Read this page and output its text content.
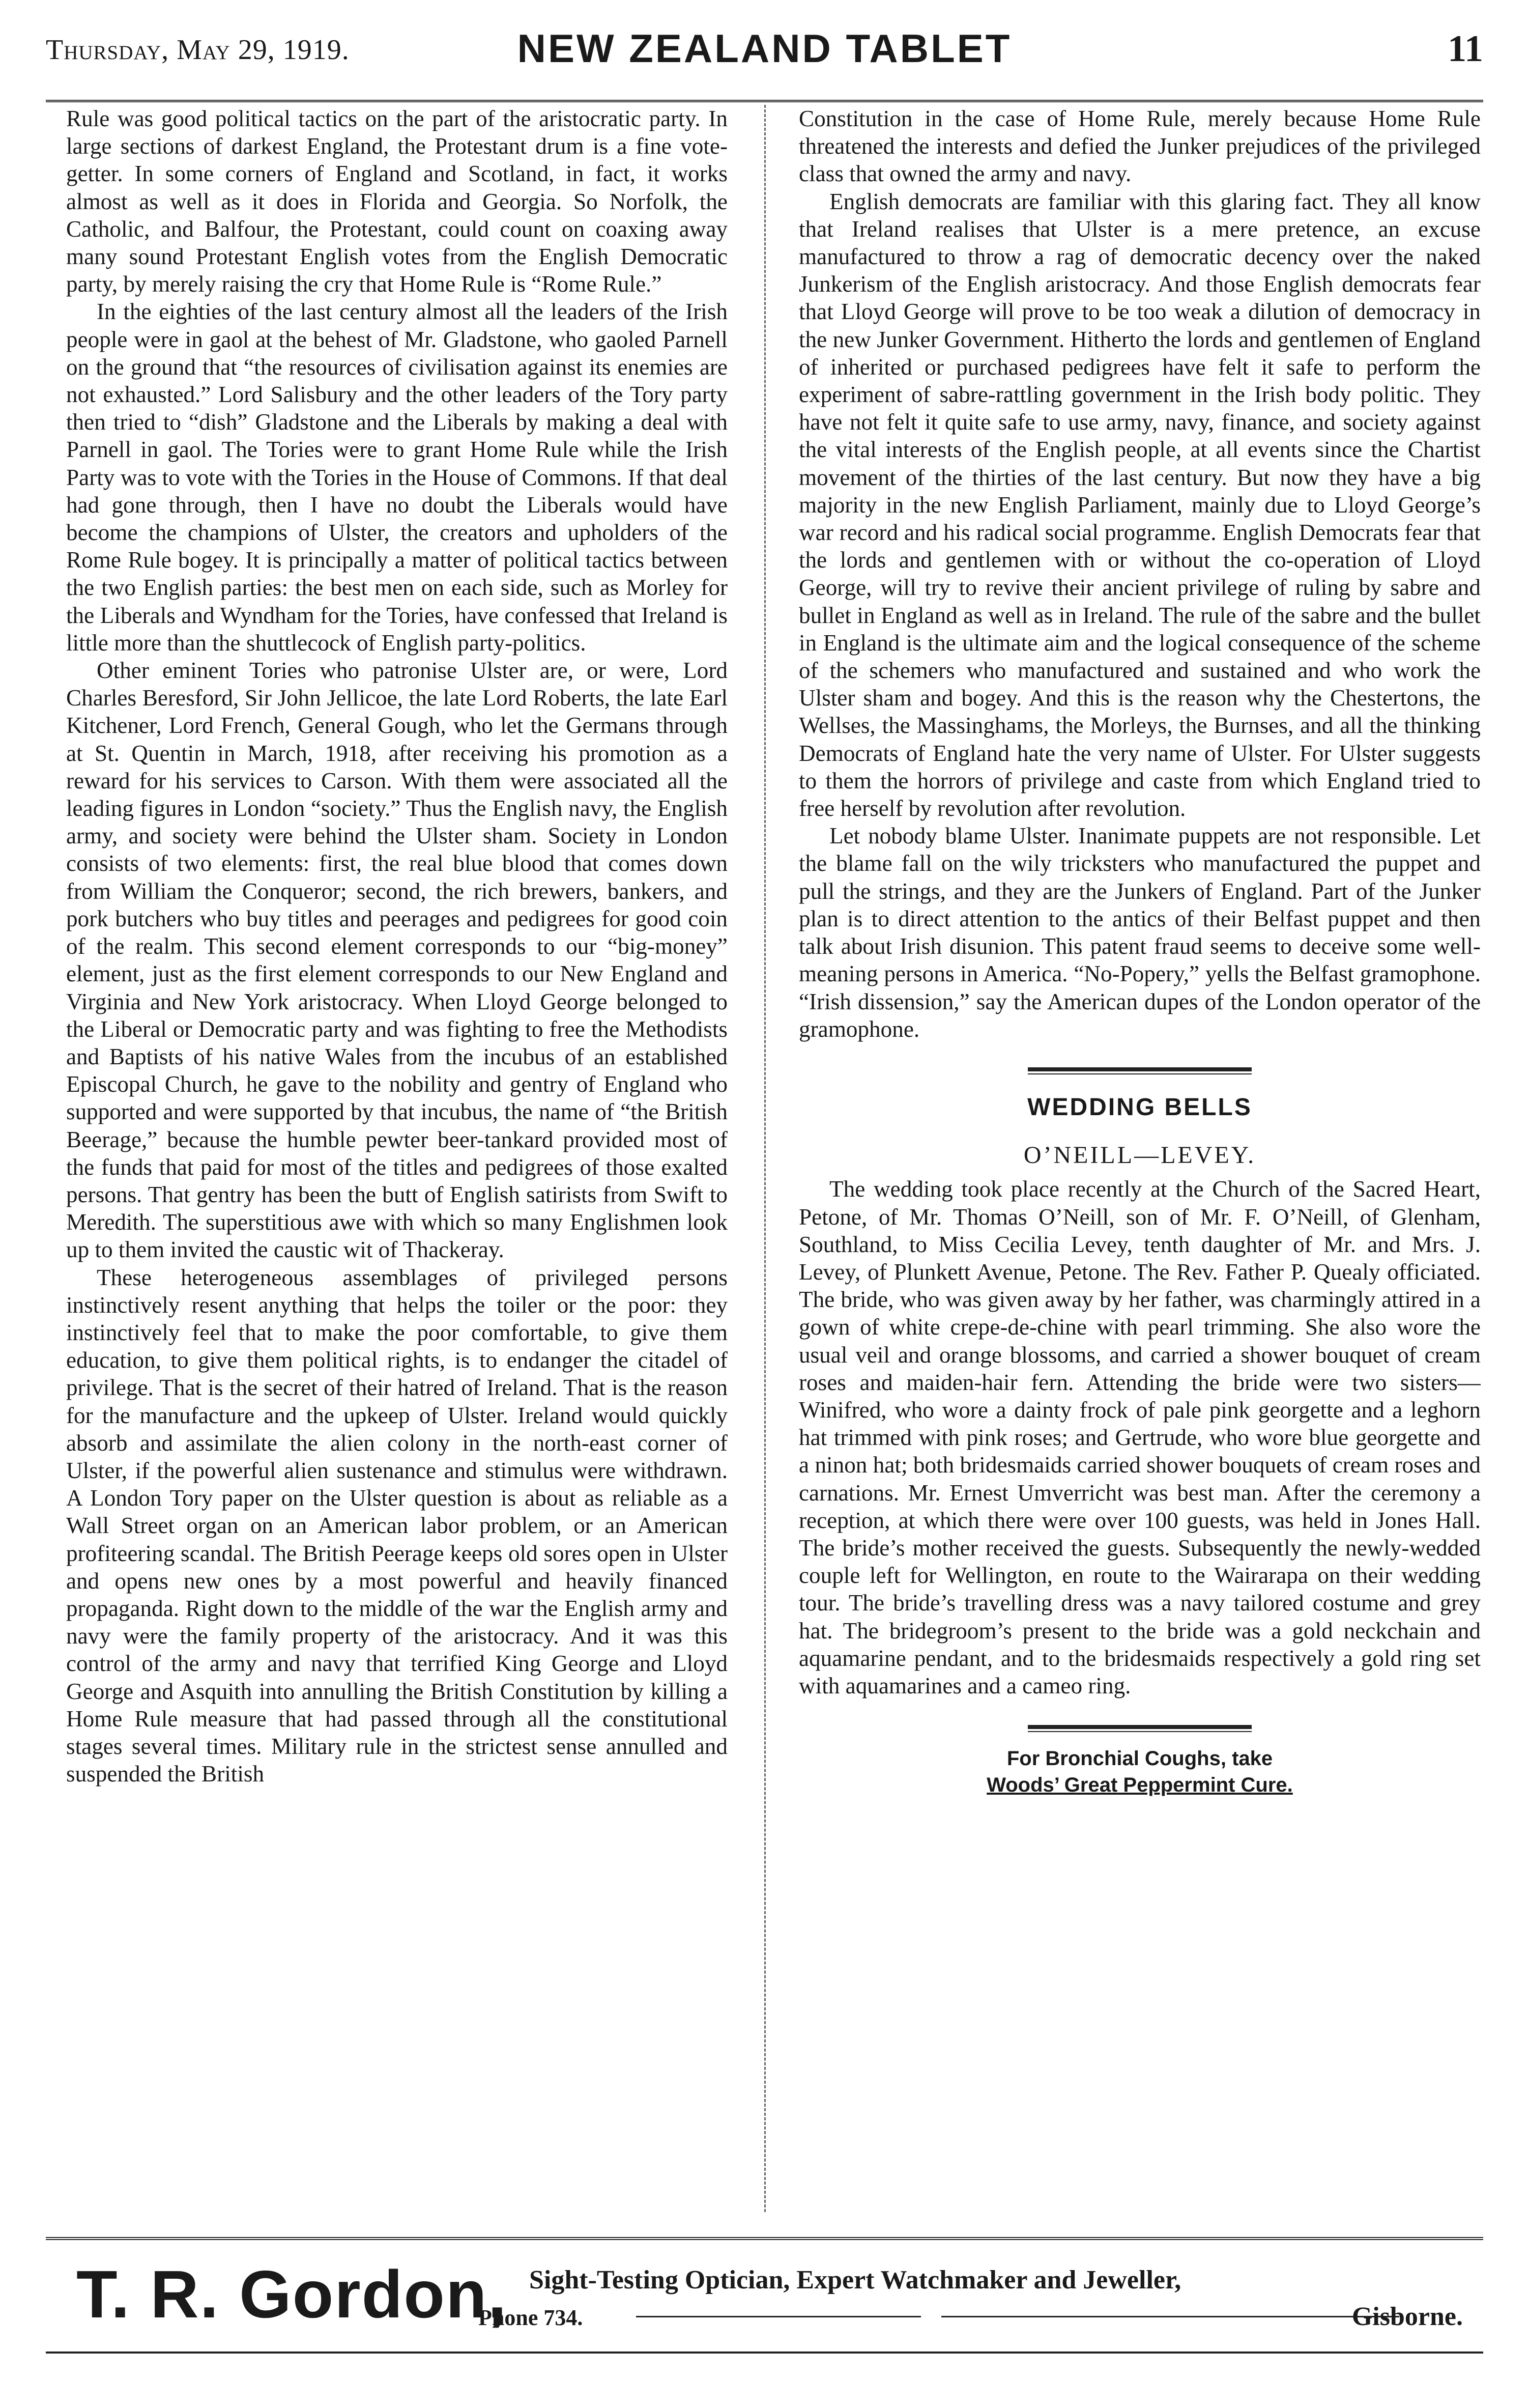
Thursday, May 29, 1919.	NEW ZEALAND TABLET	11

Rule was good political tactics on the part of the aristocratic party. In large sections of darkest England, the Protestant drum is a fine vote-getter. In some corners of England and Scotland, in fact, it works almost as well as it does in Florida and Georgia. So Norfolk, the Catholic, and Balfour, the Protestant, could count on coaxing away many sound Protestant English votes from the English Democratic party, by merely raising the cry that Home Rule is “Rome Rule.”

In the eighties of the last century almost all the leaders of the Irish people were in gaol at the behest of Mr. Gladstone, who gaoled Parnell on the ground that “the resources of civilisation against its enemies are not exhausted.” Lord Salisbury and the other leaders of the Tory party then tried to “dish” Gladstone and the Liberals by making a deal with Parnell in gaol. The Tories were to grant Home Rule while the Irish Party was to vote with the Tories in the House of Commons. If that deal had gone through, then I have no doubt the Liberals would have become the champions of Ulster, the creators and upholders of the Rome Rule bogey. It is principally a matter of political tactics between the two English parties: the best men on each side, such as Morley for the Liberals and Wyndham for the Tories, have confessed that Ireland is little more than the shuttlecock of English party-politics.

Other eminent Tories who patronise Ulster are, or were, Lord Charles Beresford, Sir John Jellicoe, the late Lord Roberts, the late Earl Kitchener, Lord French, General Gough, who let the Germans through at St. Quentin in March, 1918, after receiving his promotion as a reward for his services to Carson. With them were associated all the leading figures in London “society.” Thus the English navy, the English army, and society were behind the Ulster sham. Society in London consists of two elements: first, the real blue blood that comes down from William the Conqueror; second, the rich brewers, bankers, and pork butchers who buy titles and peerages and pedigrees for good coin of the realm. This second element corresponds to our “big-money” element, just as the first element corresponds to our New England and Virginia and New York aristocracy. When Lloyd George belonged to the Liberal or Democratic party and was fighting to free the Methodists and Baptists of his native Wales from the incubus of an established Episcopal Church, he gave to the nobility and gentry of England who supported and were supported by that incubus, the name of “the British Beerage,” because the humble pewter beer-tankard provided most of the funds that paid for most of the titles and pedigrees of those exalted persons. That gentry has been the butt of English satirists from Swift to Meredith. The superstitious awe with which so many Englishmen look up to them invited the caustic wit of Thackeray.

These heterogeneous assemblages of privileged persons instinctively resent anything that helps the toiler or the poor: they instinctively feel that to make the poor comfortable, to give them education, to give them political rights, is to endanger the citadel of privilege. That is the secret of their hatred of Ireland. That is the reason for the manufacture and the upkeep of Ulster. Ireland would quickly absorb and assimilate the alien colony in the north-east corner of Ulster, if the powerful alien sustenance and stimulus were withdrawn. A London Tory paper on the Ulster question is about as reliable as a Wall Street organ on an American labor problem, or an American profiteering scandal. The British Peerage keeps old sores open in Ulster and opens new ones by a most powerful and heavily financed propaganda. Right down to the middle of the war the English army and navy were the family property of the aristocracy. And it was this control of the army and navy that terrified King George and Lloyd George and Asquith into annulling the British Constitution by killing a Home Rule measure that had passed through all the constitutional stages several times. Military rule in the strictest sense annulled and suspended the British

Constitution in the case of Home Rule, merely because Home Rule threatened the interests and defied the Junker prejudices of the privileged class that owned the army and navy.

English democrats are familiar with this glaring fact. They all know that Ireland realises that Ulster is a mere pretence, an excuse manufactured to throw a rag of democratic decency over the naked Junkerism of the English aristocracy. And those English democrats fear that Lloyd George will prove to be too weak a dilution of democracy in the new Junker Government. Hitherto the lords and gentlemen of England of inherited or purchased pedigrees have felt it safe to perform the experiment of sabre-rattling government in the Irish body politic. They have not felt it quite safe to use army, navy, finance, and society against the vital interests of the English people, at all events since the Chartist movement of the thirties of the last century. But now they have a big majority in the new English Parliament, mainly due to Lloyd George’s war record and his radical social programme. English Democrats fear that the lords and gentlemen with or without the co-operation of Lloyd George, will try to revive their ancient privilege of ruling by sabre and bullet in England as well as in Ireland. The rule of the sabre and the bullet in England is the ultimate aim and the logical consequence of the scheme of the schemers who manufactured and sustained and who work the Ulster sham and bogey. And this is the reason why the Chestertons, the Wellses, the Massinghams, the Morleys, the Burnses, and all the thinking Democrats of England hate the very name of Ulster. For Ulster suggests to them the horrors of privilege and caste from which England tried to free herself by revolution after revolution.

Let nobody blame Ulster. Inanimate puppets are not responsible. Let the blame fall on the wily tricksters who manufactured the puppet and pull the strings, and they are the Junkers of England. Part of the Junker plan is to direct attention to the antics of their Belfast puppet and then talk about Irish disunion. This patent fraud seems to deceive some well-meaning persons in America. “No-Popery,” yells the Belfast gramophone. “Irish dissension,” say the American dupes of the London operator of the gramophone.

WEDDING BELLS
O’NEILL—LEVEY.

The wedding took place recently at the Church of the Sacred Heart, Petone, of Mr. Thomas O’Neill, son of Mr. F. O’Neill, of Glenham, Southland, to Miss Cecilia Levey, tenth daughter of Mr. and Mrs. J. Levey, of Plunkett Avenue, Petone. The Rev. Father P. Quealy officiated. The bride, who was given away by her father, was charmingly attired in a gown of white crepe-de-chine with pearl trimming. She also wore the usual veil and orange blossoms, and carried a shower bouquet of cream roses and maiden-hair fern. Attending the bride were two sisters—Winifred, who wore a dainty frock of pale pink georgette and a leghorn hat trimmed with pink roses; and Gertrude, who wore blue georgette and a ninon hat; both bridesmaids carried shower bouquets of cream roses and carnations. Mr. Ernest Umverricht was best man. After the ceremony a reception, at which there were over 100 guests, was held in Jones Hall. The bride’s mother received the guests. Subsequently the newly-wedded couple left for Wellington, en route to the Wairarapa on their wedding tour. The bride’s travelling dress was a navy tailored costume and grey hat. The bridegroom’s present to the bride was a gold neckchain and aquamarine pendant, and to the bridesmaids respectively a gold ring set with aquamarines and a cameo ring.

For Bronchial Coughs, take

Woods’ Great Peppermint Cure.

T. R. Gordon, Sight-Testing Optician, Expert Watchmaker and Jeweller,
Phone 734.	Gisborne.
